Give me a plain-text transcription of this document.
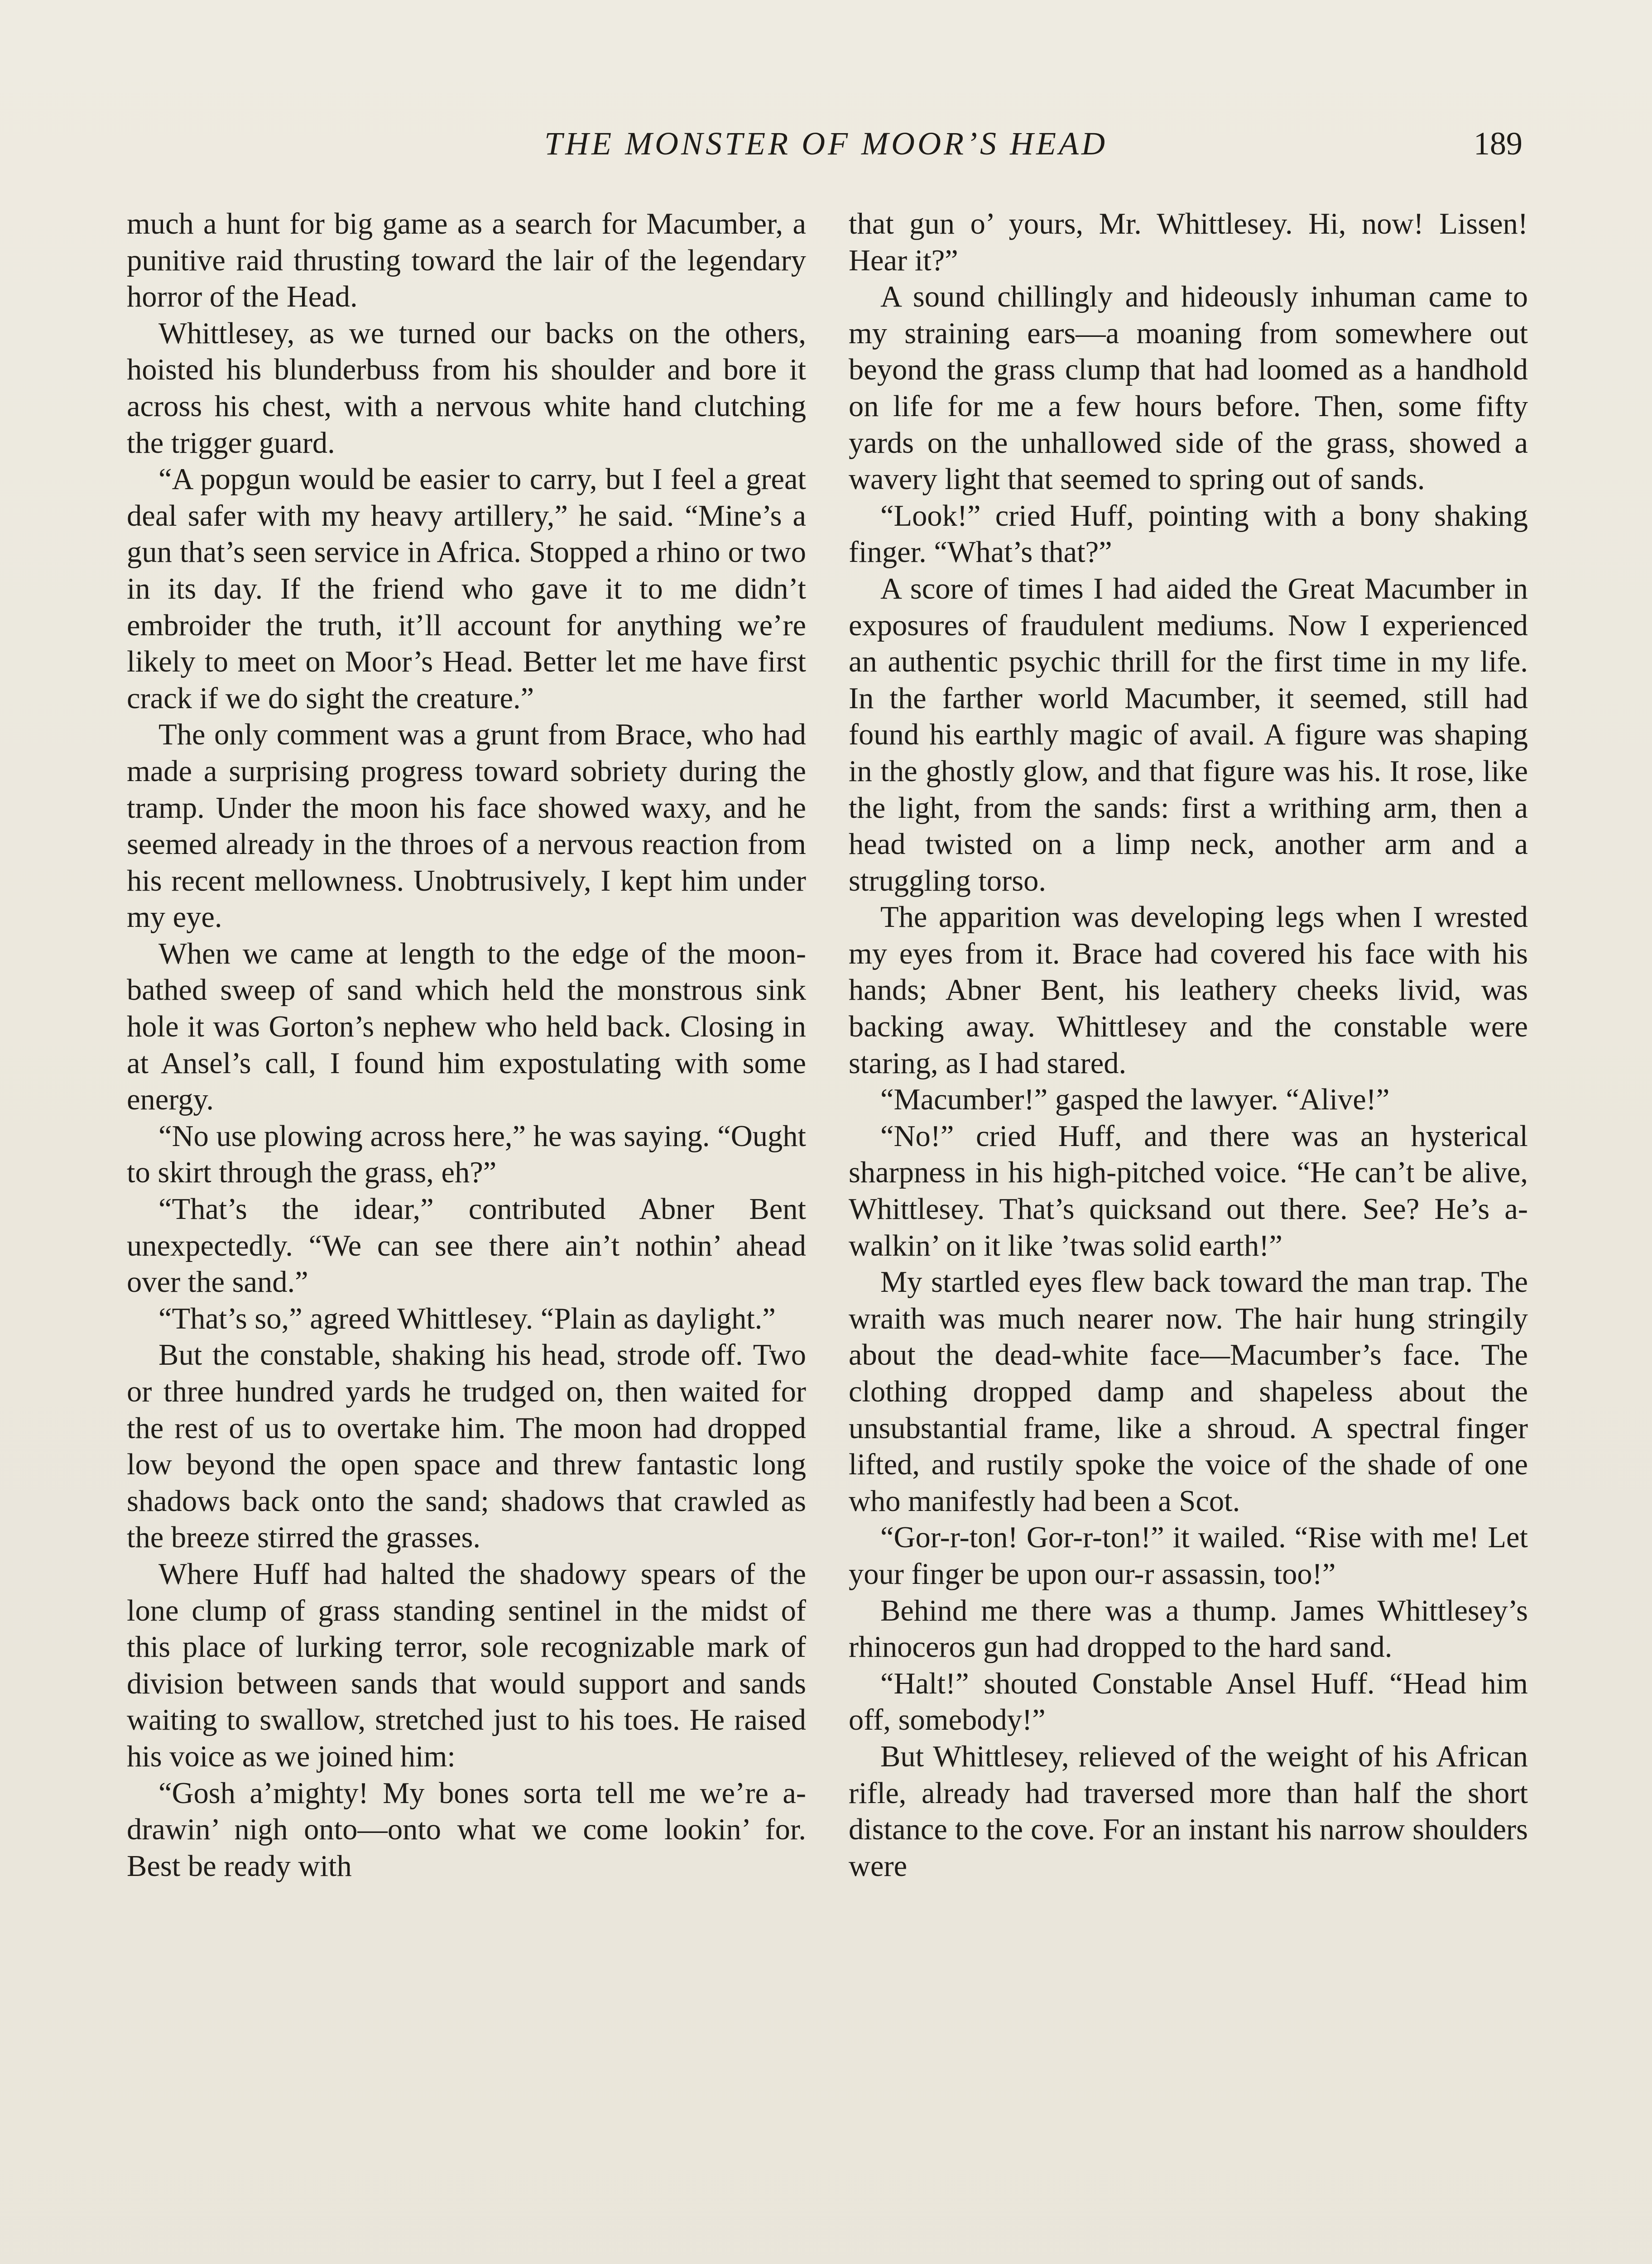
THE MONSTER OF MOOR’S HEAD	189

much a hunt for big game as a search for Macumber, a punitive raid thrusting toward the lair of the legendary horror of the Head.

Whittlesey, as we turned our backs on the others, hoisted his blunderbuss from his shoulder and bore it across his chest, with a nervous white hand clutching the trigger guard.

“A popgun would be easier to carry, but I feel a great deal safer with my heavy artillery,” he said. “Mine’s a gun that’s seen service in Africa. Stopped a rhino or two in its day. If the friend who gave it to me didn’t embroider the truth, it’ll account for anything we’re likely to meet on Moor’s Head. Better let me have first crack if we do sight the creature.”

The only comment was a grunt from Brace, who had made a surprising progress toward sobriety during the tramp. Under the moon his face showed waxy, and he seemed already in the throes of a nervous reaction from his recent mellowness. Unobtrusively, I kept him under my eye.

When we came at length to the edge of the moon-bathed sweep of sand which held the monstrous sink hole it was Gorton’s nephew who held back. Closing in at Ansel’s call, I found him expostulating with some energy.

“No use plowing across here,” he was saying. “Ought to skirt through the grass, eh?”

“That’s the idear,” contributed Abner Bent unexpectedly. “We can see there ain’t nothin’ ahead over the sand.”

“That’s so,” agreed Whittlesey. “Plain as daylight.”

But the constable, shaking his head, strode off. Two or three hundred yards he trudged on, then waited for the rest of us to overtake him. The moon had dropped low beyond the open space and threw fantastic long shadows back onto the sand; shadows that crawled as the breeze stirred the grasses.

Where Huff had halted the shadowy spears of the lone clump of grass standing sentinel in the midst of this place of lurking terror, sole recognizable mark of division between sands that would support and sands waiting to swallow, stretched just to his toes. He raised his voice as we joined him:

“Gosh a’mighty! My bones sorta tell me we’re a-drawin’ nigh onto—onto what we come lookin’ for. Best be ready with

that gun o’ yours, Mr. Whittlesey. Hi, now! Lissen! Hear it?”

A sound chillingly and hideously inhuman came to my straining ears—a moaning from somewhere out beyond the grass clump that had loomed as a handhold on life for me a few hours before. Then, some fifty yards on the unhallowed side of the grass, showed a wavery light that seemed to spring out of sands.

“Look!” cried Huff, pointing with a bony shaking finger. “What’s that?”

A score of times I had aided the Great Macumber in exposures of fraudulent mediums. Now I experienced an authentic psychic thrill for the first time in my life. In the farther world Macumber, it seemed, still had found his earthly magic of avail. A figure was shaping in the ghostly glow, and that figure was his. It rose, like the light, from the sands: first a writhing arm, then a head twisted on a limp neck, another arm and a struggling torso.

The apparition was developing legs when I wrested my eyes from it. Brace had covered his face with his hands; Abner Bent, his leathery cheeks livid, was backing away. Whittlesey and the constable were staring, as I had stared.

“Macumber!” gasped the lawyer. “Alive!”

“No!” cried Huff, and there was an hysterical sharpness in his high-pitched voice. “He can’t be alive, Whittlesey. That’s quicksand out there. See? He’s a-walkin’ on it like ’twas solid earth!”

My startled eyes flew back toward the man trap. The wraith was much nearer now. The hair hung stringily about the dead-white face—Macumber’s face. The clothing dropped damp and shapeless about the unsubstantial frame, like a shroud. A spectral finger lifted, and rustily spoke the voice of the shade of one who manifestly had been a Scot.

“Gor-r-ton! Gor-r-ton!” it wailed. “Rise with me! Let your finger be upon our-r assassin, too!”

Behind me there was a thump. James Whittlesey’s rhinoceros gun had dropped to the hard sand.

“Halt!” shouted Constable Ansel Huff. “Head him off, somebody!”

But Whittlesey, relieved of the weight of his African rifle, already had traversed more than half the short distance to the cove. For an instant his narrow shoulders were
